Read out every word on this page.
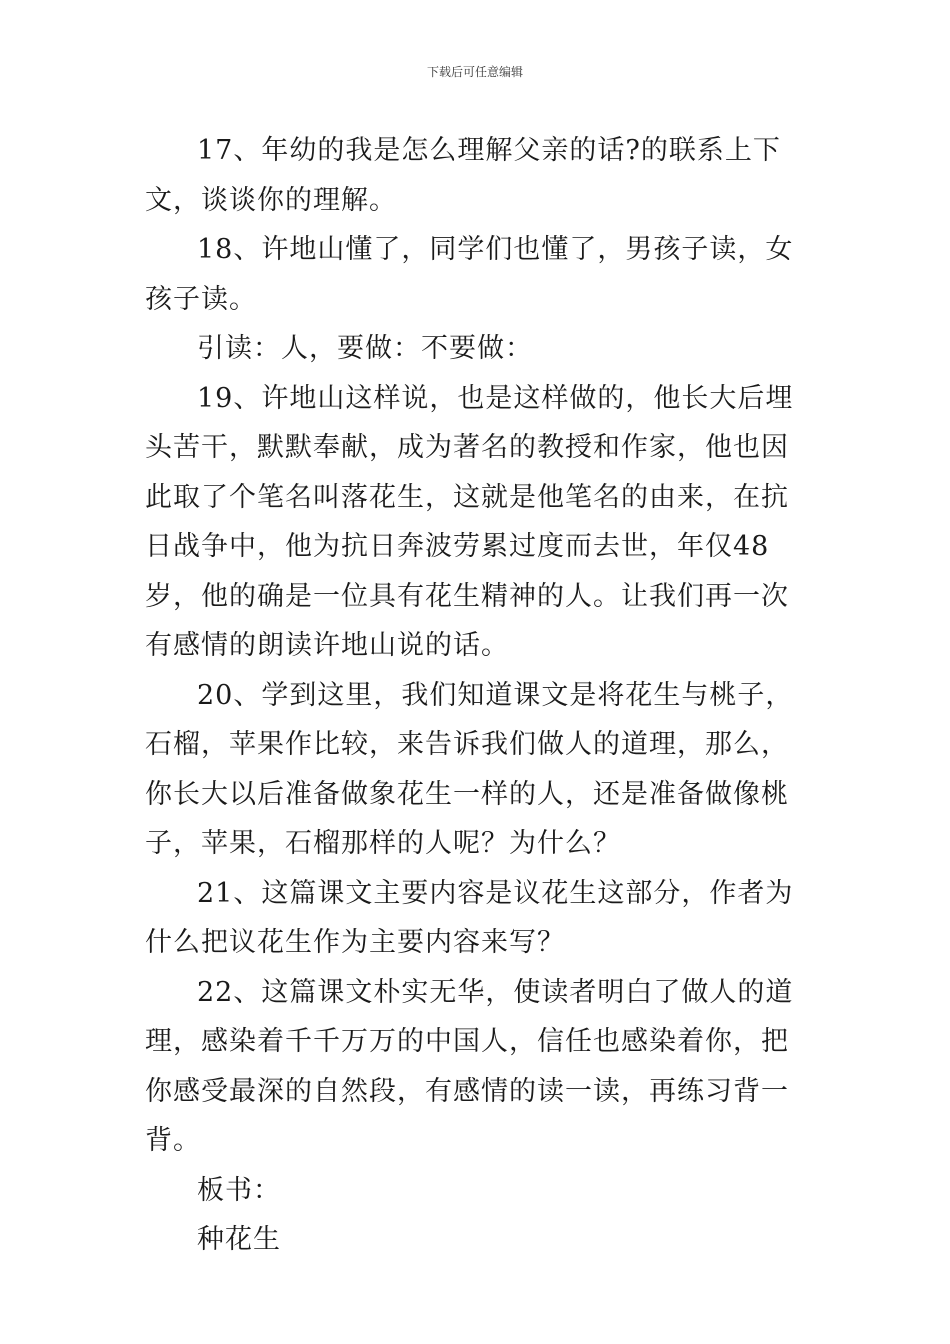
下载后可任意编辑

17、年幼的我是怎么理解父亲的话?的联系上下文，谈谈你的理解。

18、许地山懂了，同学们也懂了，男孩子读，女孩子读。

引读：人，要做：不要做：

19、许地山这样说，也是这样做的，他长大后埋头苦干，默默奉献，成为著名的教授和作家，他也因此取了个笔名叫落花生，这就是他笔名的由来，在抗日战争中，他为抗日奔波劳累过度而去世，年仅48岁，他的确是一位具有花生精神的人。让我们再一次有感情的朗读许地山说的话。

20、学到这里，我们知道课文是将花生与桃子，石榴，苹果作比较，来告诉我们做人的道理，那么，你长大以后准备做象花生一样的人，还是准备做像桃子，苹果，石榴那样的人呢？为什么？

21、这篇课文主要内容是议花生这部分，作者为什么把议花生作为主要内容来写？

22、这篇课文朴实无华，使读者明白了做人的道理，感染着千千万万的中国人，信任也感染着你，把你感受最深的自然段，有感情的读一读，再练习背一背。

板书：

种花生
